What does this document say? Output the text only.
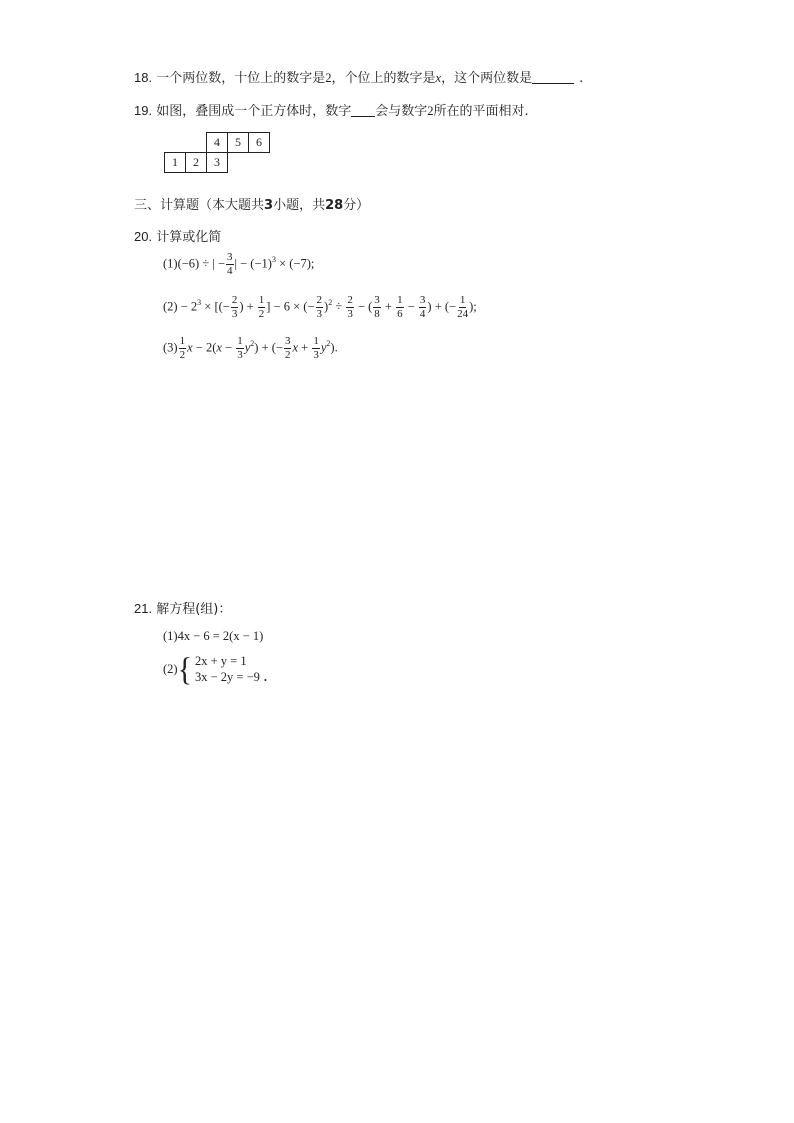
18. 一个两位数，十位上的数字是2，个位上的数字是x，这个两位数是	.
19. 如图，叠围成一个正方体时，数字 会与数字2所在的平面相对.
		4	5	6
1	2	3		
三、计算题（本大题共3小题，共28分）
20. 计算或化简
(1)(−6) ÷ | − $\frac{3}{4}$ | − $(-1)^3 \times (-7)$;
$(2) - 2^3$ × [(− $\frac{2}{3}$ ) + $\frac{1}{2}$ ] − 6 × (− $\frac{2}{3} )^2 \div \frac{2}{3}$ − ( $\frac{3}{8} + \frac{1}{6} - \frac{3}{4}$ ) + (− $\frac{1}{24}$ );
$(3) \frac{1}{2}$ $x - 2(x - \frac{1}{3} y^2)$ + (− $\frac{3}{2}$ $x + \frac{1}{3} y^2$).
21. 解方程(组)：
(1)4x − 6 = 2(x − 1)
(2){ 2x + y = 1
3x − 2y = −9 .
